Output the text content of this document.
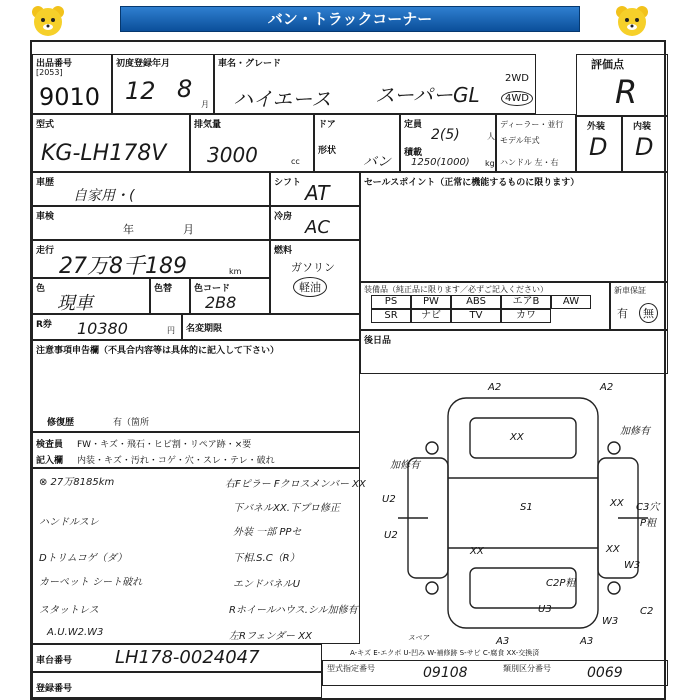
バン・トラックコーナー
出品番号
[2053]
9010
初度登録年月
12 8
月
車名・グレード
ハイエース スーパーGL
2WD
4WD
評価点
R
型式
KG-LH178V
排気量
3000	cc
ドア
形状
バン
定員
2(5)	人
積載
1250(1000) kg
ディーラー・並行
モデル年式
ハンドル 左・右
外装
D
内装
D
車歴
自家用・(
シフト AT
車検
年	月
冷房 AC
走行
27万8千189	km
燃料
ガソリン
軽油
色
現車
色替 色コード
2B8
R券 10380	円 名変期限
セールスポイント（正常に機能するものに限ります）
装備品（純正品に限ります／必ずご記入ください）
PS	PW	ABS	エアB	AW
SR	ナビ	TV	カワ
新車保証
有	無
後日品
注意事項申告欄（不具合内容等は具体的に記入して下さい）
修復歴	有（箇所
検査員
記入欄
FW・キズ・飛石・ヒビ割・リペア跡・×要
内装・キズ・汚れ・コゲ・穴・スレ・テレ・破れ
⊗ 27万8185km
ハンドルスレ
Dトリムコゲ（ダ）
カーペット シート破れ
スタットレス
A.U.W2.W3
右Fピラー Fクロスメンバー XX
下バネルXX.下プロ修正
外装 一部 PPセ
下相.S.C（R）
エンドバネルU
Rホイールハウス.シル加修有
左Rフェンダー XX
A2	A2
XX
加修有
加修有
U2
S1	XX C3穴
P粗
U2
XX	XX
W3
C2P粗
U3
W3
C2
A3	A3
スペア
車台番号 LH178-0024047	A-キズ E-エクボ U-凹み W-補修跡 S-サビ C-腐食 XX-交換済
型式指定番号	09108	類別区分番号	0069
登録番号
